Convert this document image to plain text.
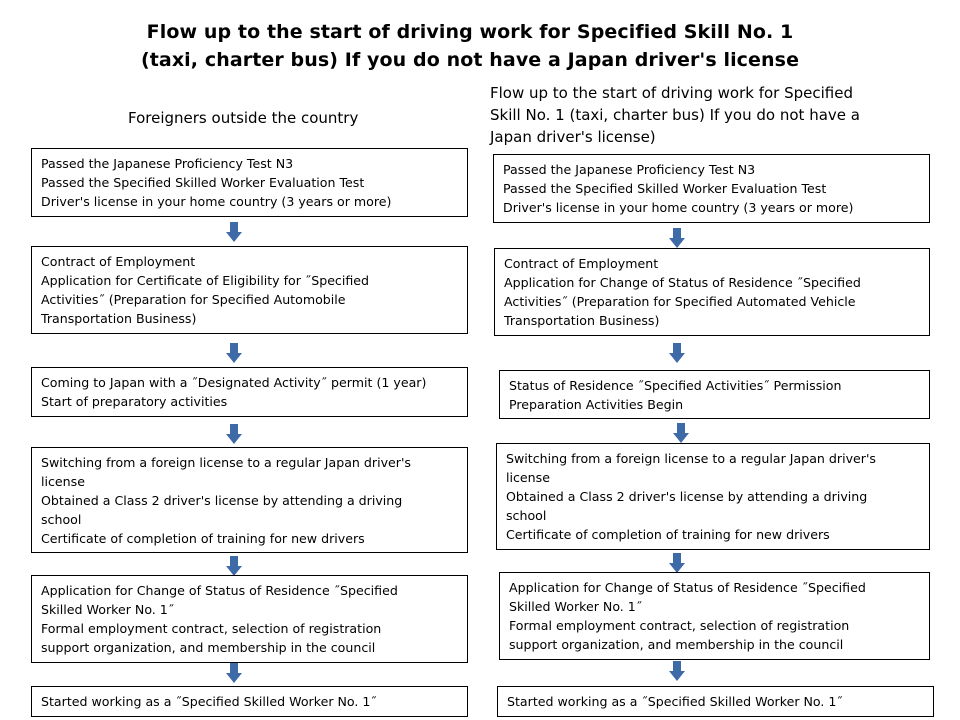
Flow up to the start of driving work for Specified Skill No. 1
(taxi, charter bus) If you do not have a Japan driver's license
Foreigners outside the country
Flow up to the start of driving work for Specified
Skill No. 1 (taxi, charter bus) If you do not have a
Japan driver's license)
Passed the Japanese Proficiency Test N3
Passed the Specified Skilled Worker Evaluation Test
Driver's license in your home country (3 years or more)
Contract of Employment
Application for Certificate of Eligibility for ˝Specified
Activities˝ (Preparation for Specified Automobile
Transportation Business)
Coming to Japan with a ˝Designated Activity˝ permit (1 year)
Start of preparatory activities
Switching from a foreign license to a regular Japan driver's
license
Obtained a Class 2 driver's license by attending a driving
school
Certificate of completion of training for new drivers
Application for Change of Status of Residence ˝Specified
Skilled Worker No. 1˝
Formal employment contract, selection of registration
support organization, and membership in the council
Started working as a ˝Specified Skilled Worker No. 1˝
Passed the Japanese Proficiency Test N3
Passed the Specified Skilled Worker Evaluation Test
Driver's license in your home country (3 years or more)
Contract of Employment
Application for Change of Status of Residence ˝Specified
Activities˝ (Preparation for Specified Automated Vehicle
Transportation Business)
Status of Residence ˝Specified Activities˝ Permission
Preparation Activities Begin
Switching from a foreign license to a regular Japan driver's
license
Obtained a Class 2 driver's license by attending a driving
school
Certificate of completion of training for new drivers
Application for Change of Status of Residence ˝Specified
Skilled Worker No. 1˝
Formal employment contract, selection of registration
support organization, and membership in the council
Started working as a ˝Specified Skilled Worker No. 1˝
